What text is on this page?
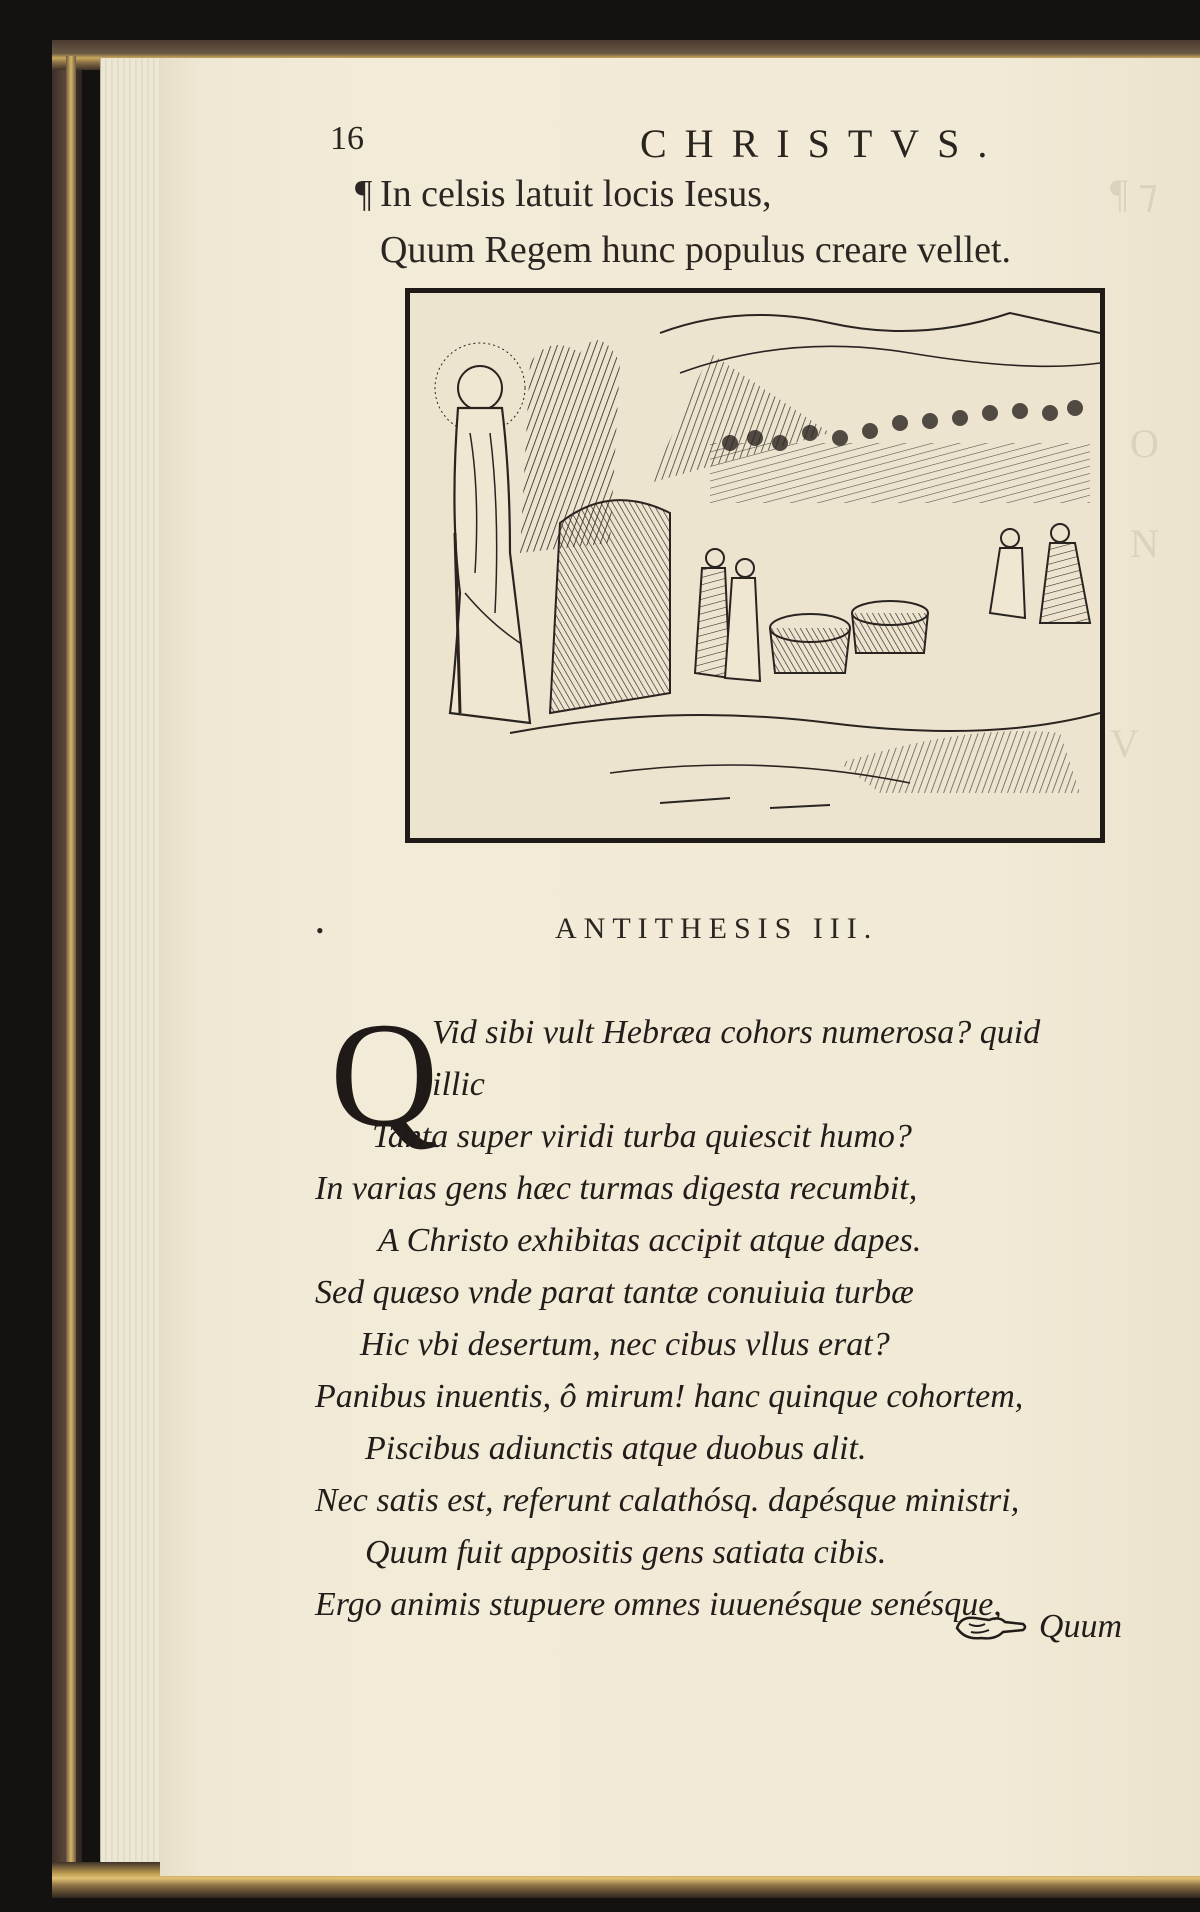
¶ ⁊
O
N
V
16	CHRISTVS.
¶ In celsis latuit locis Iesus,
Quum Regem hunc populus creare vellet.
•	ANTITHESIS III.
Q
Vid sibi vult Hebræa cohors numerosa? quid
illic
Tanta super viridi turba quiescit humo?
In varias gens hæc turmas digesta recumbit,
A Christo exhibitas accipit atque dapes.
Sed quæso vnde parat tantæ conuiuia turbæ
Hic vbi desertum, nec cibus vllus erat?
Panibus inuentis, ô mirum! hanc quinque cohortem,
Piscibus adiunctis atque duobus alit.
Nec satis est, referunt calathósq. dapésque ministri,
Quum fuit appositis gens satiata cibis.
Ergo animis stupuere omnes iuuenésque senésque,
Quum
